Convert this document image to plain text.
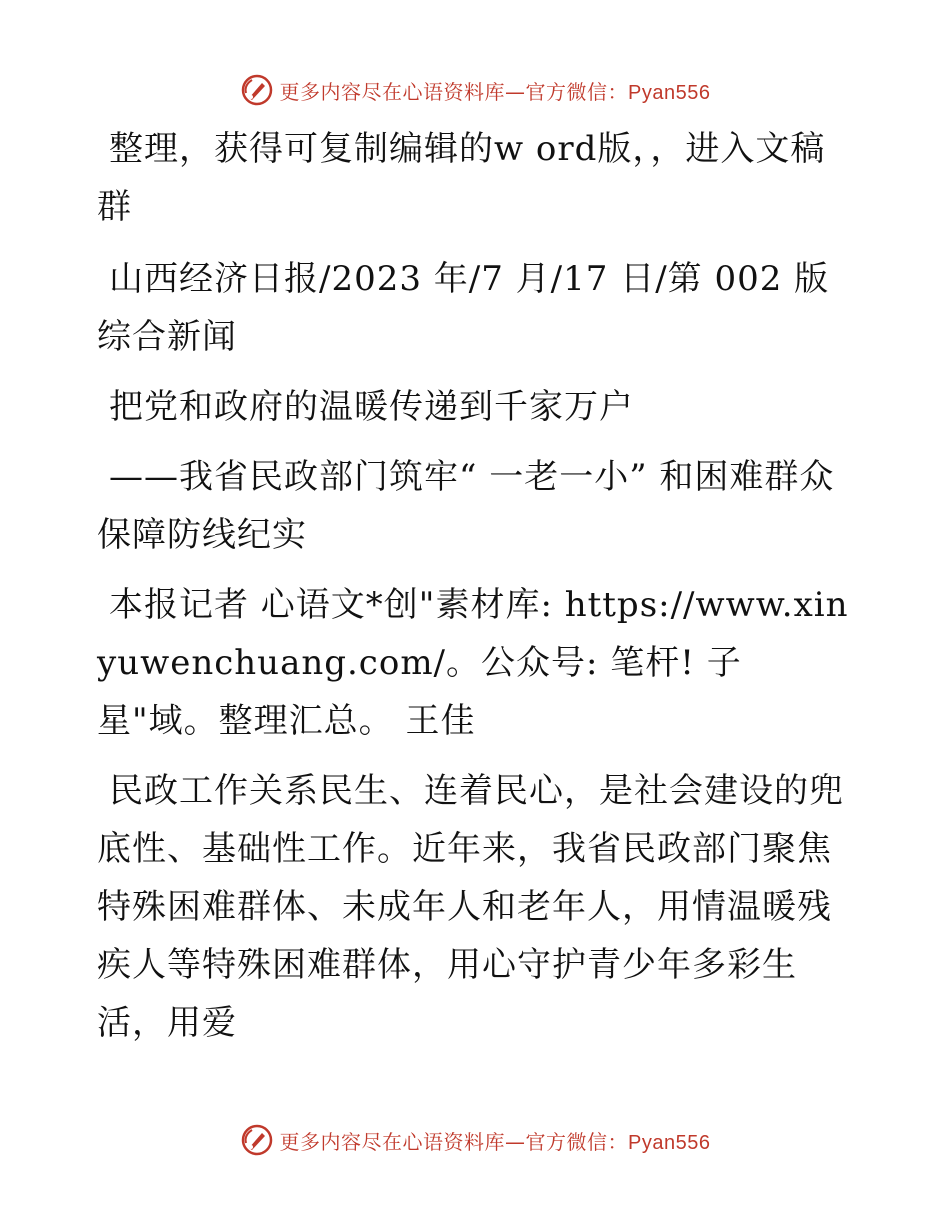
更多内容尽在心语资料库—官方微信：Pyan556

整理，获得可复制编辑的w ord版，，进入文稿群

山西经济日报/2023 年/7 月/17 日/第 002 版综合新闻

把党和政府的温暖传递到千家万户

——我省民政部门筑牢“ 一老一小” 和困难群众保障防线纪实

本报记者 心语文*创"素材库: https://www.xinyuwenchuang.com/。公众号: 笔杆! 子星"域。整理汇总。 王佳

民政工作关系民生、连着民心，是社会建设的兜底性、基础性工作。近年来，我省民政部门聚焦特殊困难群体、未成年人和老年人，用情温暖残疾人等特殊困难群体，用心守护青少年多彩生活，用爱

更多内容尽在心语资料库—官方微信：Pyan556
